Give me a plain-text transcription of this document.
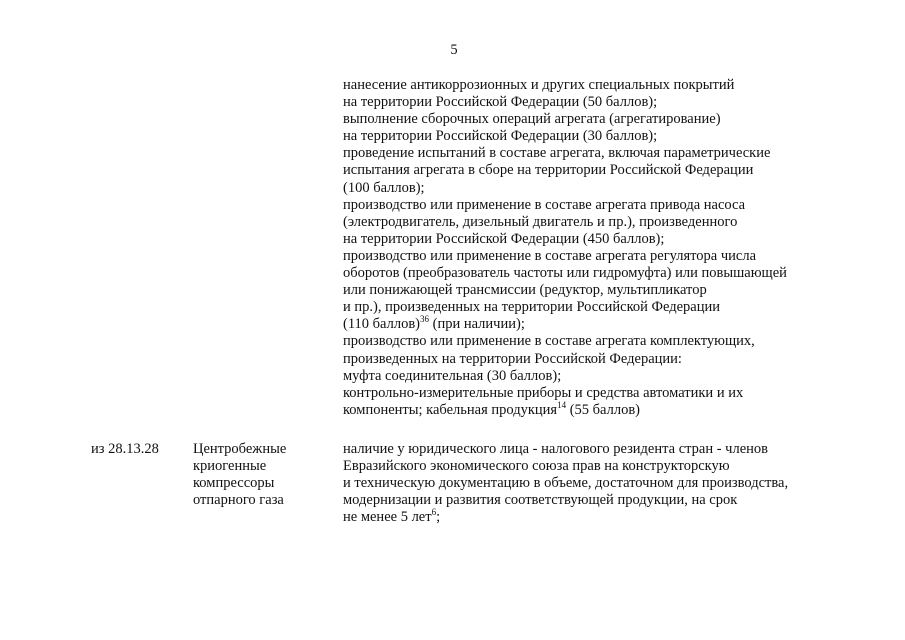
5
нанесение антикоррозионных и других специальных покрытий
на территории Российской Федерации (50 баллов);
выполнение сборочных операций агрегата (агрегатирование)
на территории Российской Федерации (30 баллов);
проведение испытаний в составе агрегата, включая параметрические
испытания агрегата в сборе на территории Российской Федерации
(100 баллов);
производство или применение в составе агрегата привода насоса
(электродвигатель, дизельный двигатель и пр.), произведенного
на территории Российской Федерации (450 баллов);
производство или применение в составе агрегата регулятора числа
оборотов (преобразователь частоты или гидромуфта) или повышающей
или понижающей трансмиссии (редуктор, мультипликатор
и пр.), произведенных на территории Российской Федерации
(110 баллов)$^{36}$ (при наличии);
производство или применение в составе агрегата комплектующих,
произведенных на территории Российской Федерации:
муфта соединительная (30 баллов);
контрольно-измерительные приборы и средства автоматики и их
компоненты; кабельная продукция$^{14}$ (55 баллов)
из 28.13.28 Центробежные
криогенные
компрессоры
отпарного газа
наличие у юридического лица - налогового резидента стран - членов
Евразийского экономического союза прав на конструкторскую
и техническую документацию в объеме, достаточном для производства,
модернизации и развития соответствующей продукции, на срок
не менее 5 лет$^6$;
